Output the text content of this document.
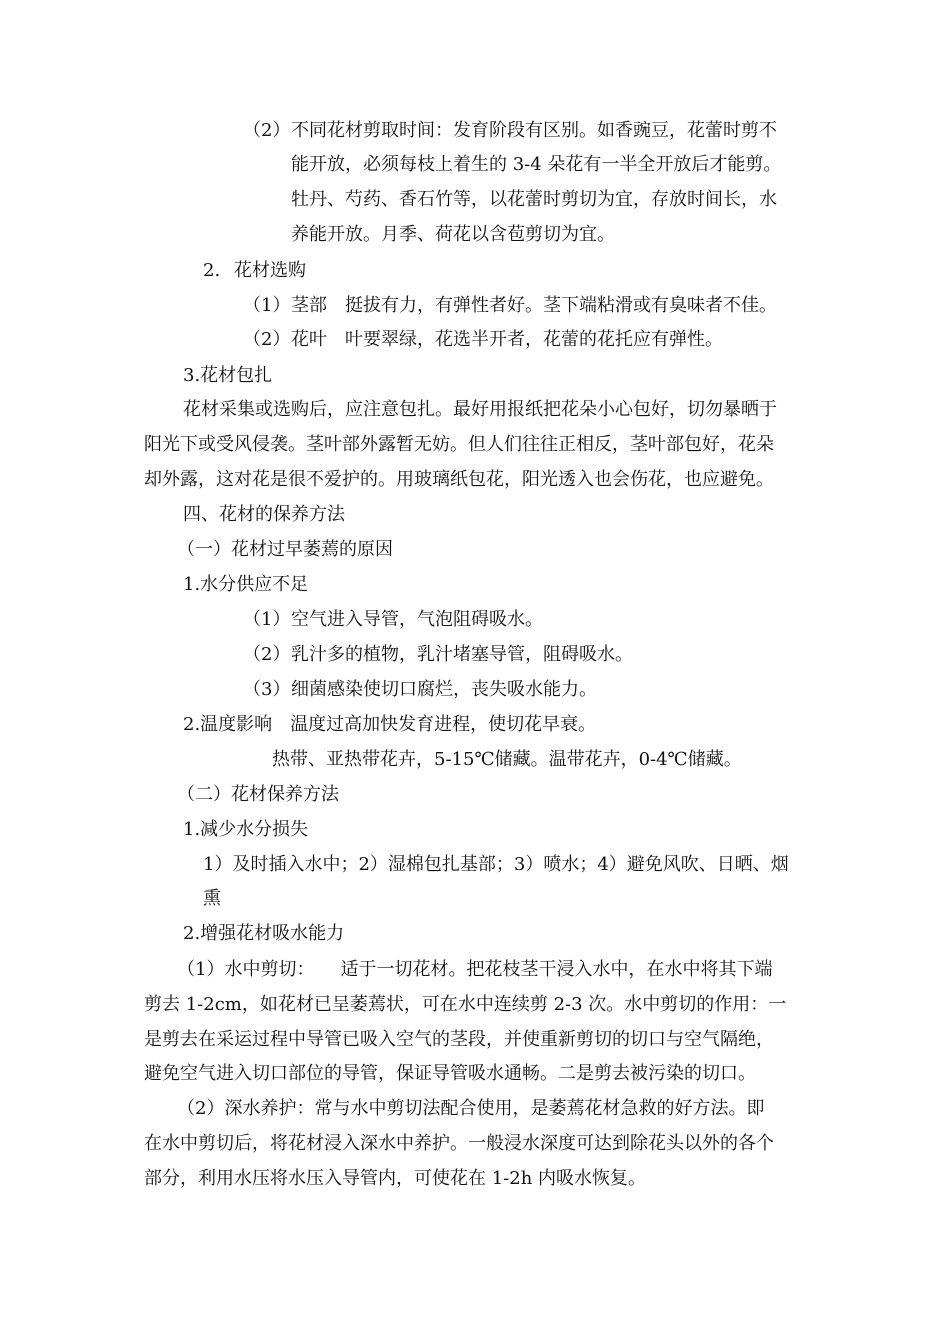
（2） 不同花材剪取时间：发育阶段有区别。如香豌豆，花蕾时剪不
能开放，必须每枝上着生的 3-4 朵花有一半全开放后才能剪。
牡丹、芍药、香石竹等，以花蕾时剪切为宜，存放时间长，水
养能开放。月季、荷花以含苞剪切为宜。
2. 花材选购
（1） 茎部 挺拔有力，有弹性者好。茎下端粘滑或有臭味者不佳。
（2） 花叶 叶要翠绿，花选半开者，花蕾的花托应有弹性。
3.花材包扎
花材采集或选购后，应注意包扎。最好用报纸把花朵小心包好，切勿暴晒于
阳光下或受风侵袭。茎叶部外露暂无妨。但人们往往正相反，茎叶部包好，花朵
却外露，这对花是很不爱护的。用玻璃纸包花，阳光透入也会伤花，也应避免。
四、花材的保养方法
（一）花材过早萎蔫的原因
1.水分供应不足
（1） 空气进入导管，气泡阻碍吸水。
（2） 乳汁多的植物，乳汁堵塞导管，阻碍吸水。
（3） 细菌感染使切口腐烂，丧失吸水能力。
2.温度影响 温度过高加快发育进程，使切花早衰。
热带、亚热带花卉，5-15℃储藏。温带花卉，0-4℃储藏。
（二）花材保养方法
1.减少水分损失
1）及时插入水中；2）湿棉包扎基部；3）喷水；4）避免风吹、日晒、烟
熏
2.增强花材吸水能力
（1）水中剪切： 适于一切花材。把花枝茎干浸入水中，在水中将其下端
剪去 1-2cm，如花材已呈萎蔫状，可在水中连续剪 2-3 次。水中剪切的作用：一
是剪去在采运过程中导管已吸入空气的茎段，并使重新剪切的切口与空气隔绝，
避免空气进入切口部位的导管，保证导管吸水通畅。二是剪去被污染的切口。
（2）深水养护：常与水中剪切法配合使用，是萎蔫花材急救的好方法。即
在水中剪切后，将花材浸入深水中养护。一般浸水深度可达到除花头以外的各个
部分，利用水压将水压入导管内，可使花在 1-2h 内吸水恢复。
